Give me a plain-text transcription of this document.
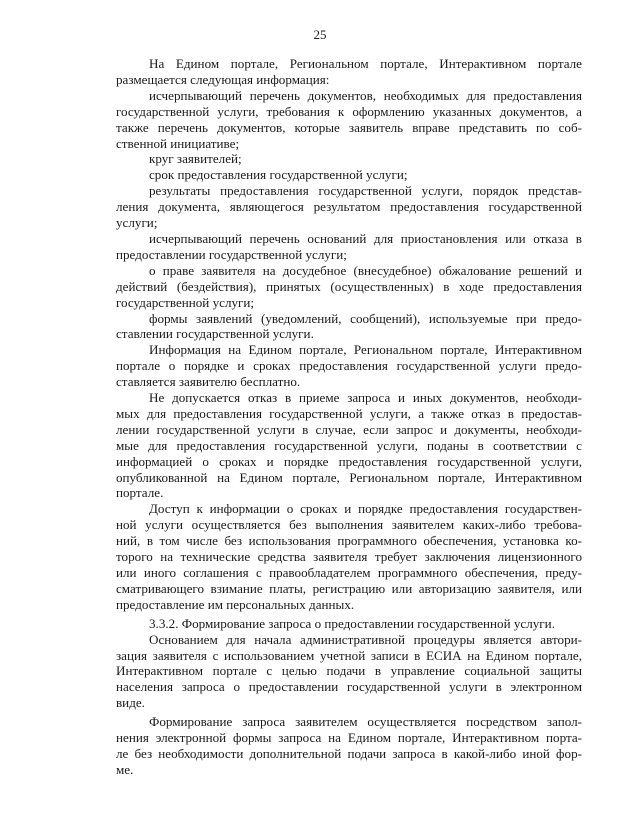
25
На Едином портале, Региональном портале, Интерактивном портале
размещается следующая информация:
исчерпывающий перечень документов, необходимых для предоставления
государственной услуги, требования к оформлению указанных документов, а
также перечень документов, которые заявитель вправе представить по соб-
ственной инициативе;
круг заявителей;
срок предоставления государственной услуги;
результаты предоставления государственной услуги, порядок представ-
ления документа, являющегося результатом предоставления государственной
услуги;
исчерпывающий перечень оснований для приостановления или отказа в
предоставлении государственной услуги;
о праве заявителя на досудебное (внесудебное) обжалование решений и
действий (бездействия), принятых (осуществленных) в ходе предоставления
государственной услуги;
формы заявлений (уведомлений, сообщений), используемые при предо-
ставлении государственной услуги.
Информация на Едином портале, Региональном портале, Интерактивном
портале о порядке и сроках предоставления государственной услуги предо-
ставляется заявителю бесплатно.
Не допускается отказ в приеме запроса и иных документов, необходи-
мых для предоставления государственной услуги, а также отказ в предостав-
лении государственной услуги в случае, если запрос и документы, необходи-
мые для предоставления государственной услуги, поданы в соответствии с
информацией о сроках и порядке предоставления государственной услуги,
опубликованной на Едином портале, Региональном портале, Интерактивном
портале.
Доступ к информации о сроках и порядке предоставления государствен-
ной услуги осуществляется без выполнения заявителем каких-либо требова-
ний, в том числе без использования программного обеспечения, установка ко-
торого на технические средства заявителя требует заключения лицензионного
или иного соглашения с правообладателем программного обеспечения, преду-
сматривающего взимание платы, регистрацию или авторизацию заявителя, или
предоставление им персональных данных.
3.3.2. Формирование запроса о предоставлении государственной услуги.
Основанием для начала административной процедуры является автори-
зация заявителя с использованием учетной записи в ЕСИА на Едином портале,
Интерактивном портале с целью подачи в управление социальной защиты
населения запроса о предоставлении государственной услуги в электронном
виде.
Формирование запроса заявителем осуществляется посредством запол-
нения электронной формы запроса на Едином портале, Интерактивном порта-
ле без необходимости дополнительной подачи запроса в какой-либо иной фор-
ме.
